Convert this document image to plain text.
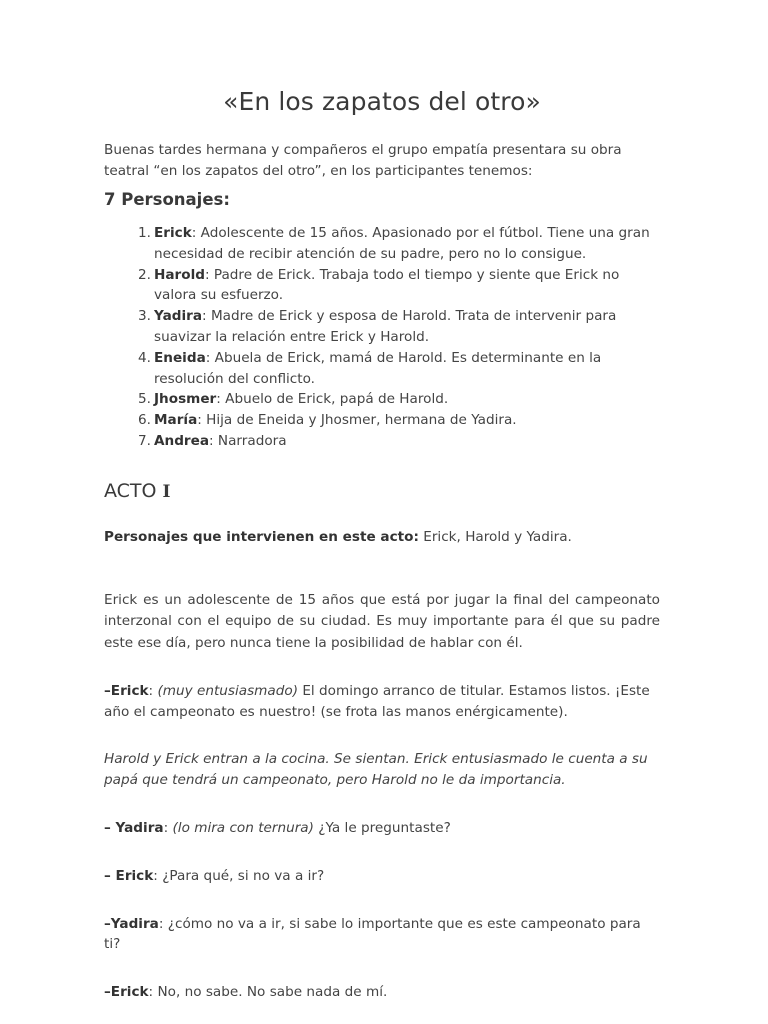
«En los zapatos del otro»

Buenas tardes hermana y compañeros el grupo empatía presentara su obra teatral “en los zapatos del otro”, en los participantes tenemos:

7 Personajes:

Erick: Adolescente de 15 años. Apasionado por el fútbol. Tiene una gran necesidad de recibir atención de su padre, pero no lo consigue.
Harold: Padre de Erick. Trabaja todo el tiempo y siente que Erick no valora su esfuerzo.
Yadira: Madre de Erick y esposa de Harold. Trata de intervenir para suavizar la relación entre Erick y Harold.
Eneida: Abuela de Erick, mamá de Harold. Es determinante en la resolución del conflicto.
Jhosmer: Abuelo de Erick, papá de Harold.
María: Hija de Eneida y Jhosmer, hermana de Yadira.
Andrea: Narradora

ACTO I

Personajes que intervienen en este acto: Erick, Harold y Yadira.

Erick es un adolescente de 15 años que está por jugar la final del campeonato interzonal con el equipo de su ciudad. Es muy importante para él que su padre este ese día, pero nunca tiene la posibilidad de hablar con él.

–Erick: (muy entusiasmado) El domingo arranco de titular. Estamos listos. ¡Este año el campeonato es nuestro! (se frota las manos enérgicamente).

Harold y Erick entran a la cocina. Se sientan. Erick entusiasmado le cuenta a su papá que tendrá un campeonato, pero Harold no le da importancia.

– Yadira: (lo mira con ternura) ¿Ya le preguntaste?

– Erick: ¿Para qué, si no va a ir?

–Yadira: ¿cómo no va a ir, si sabe lo importante que es este campeonato para ti?

–Erick: No, no sabe. No sabe nada de mí.
